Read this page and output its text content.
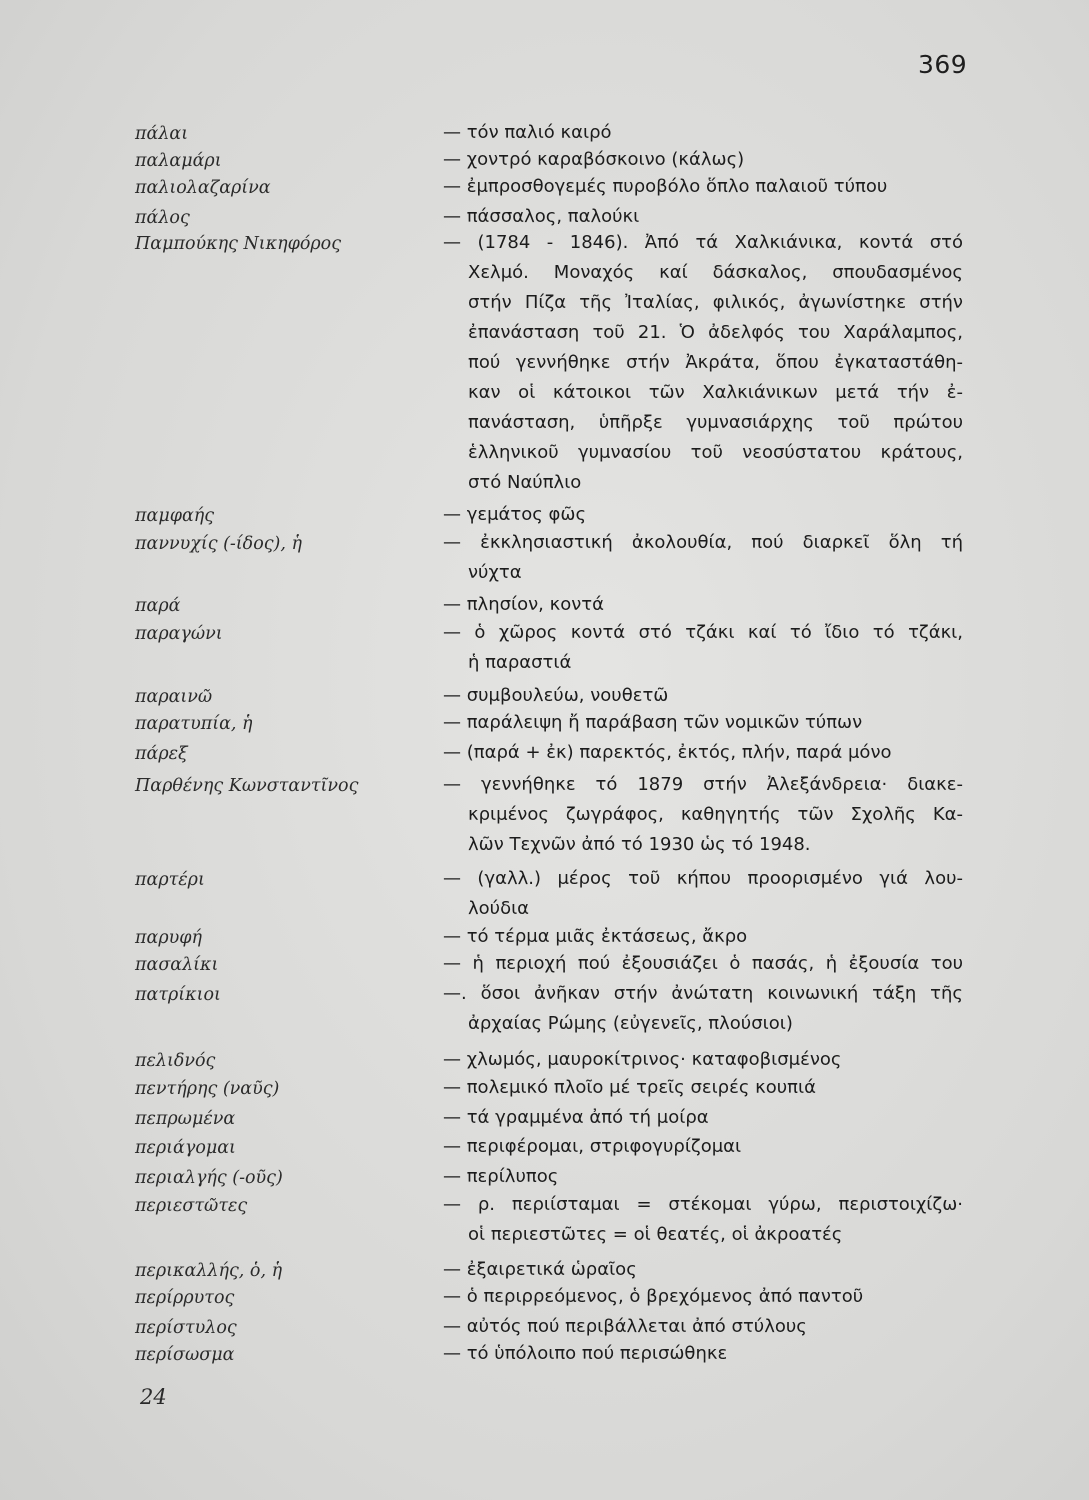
369
πάλαι	— τόν παλιό καιρό
παλαμάρι	— χοντρό καραβόσκοινο (κάλως)
παλιολαζαρίνα	— ἐμπροσθογεμές πυροβόλο ὅπλο παλαιοῦ τύπου
πάλος	— πάσσαλος, παλούκι
Παμπούκης Νικηφόρος	— (1784 - 1846). Ἀπό τά Χαλκιάνικα, κοντά στό
Χελμό. Μοναχός καί δάσκαλος, σπουδασμένος
στήν Πίζα τῆς Ἰταλίας, φιλικός, ἀγωνίστηκε στήν
ἐπανάσταση τοῦ 21. Ὁ ἀδελφός του Χαράλαμπος,
πού γεννήθηκε στήν Ἀκράτα, ὅπου ἐγκαταστάθη-
καν οἱ κάτοικοι τῶν Χαλκιάνικων μετά τήν ἐ-
πανάσταση, ὑπῆρξε γυμνασιάρχης τοῦ πρώτου
ἑλληνικοῦ γυμνασίου τοῦ νεοσύστατου κράτους,
στό Ναύπλιο
παμφαής	— γεμάτος φῶς
παννυχίς (-ίδος), ἡ	— ἐκκλησιαστική ἀκολουθία, πού διαρκεῖ ὅλη τή
νύχτα
παρά	— πλησίον, κοντά
παραγώνι	— ὁ χῶρος κοντά στό τζάκι καί τό ἴδιο τό τζάκι,
ἡ παραστιά
παραινῶ	— συμβουλεύω, νουθετῶ
παρατυπία, ἡ	— παράλειψη ἤ παράβαση τῶν νομικῶν τύπων
πάρεξ	— (παρά + ἐκ) παρεκτός, ἐκτός, πλήν, παρά μόνο
Παρθένης Κωνσταντῖνος	— γεννήθηκε τό 1879 στήν Ἀλεξάνδρεια· διακε-
κριμένος ζωγράφος, καθηγητής τῶν Σχολῆς Κα-
λῶν Τεχνῶν ἀπό τό 1930 ὡς τό 1948.
παρτέρι	— (γαλλ.) μέρος τοῦ κήπου προορισμένο γιά λου-
λούδια
παρυφή	— τό τέρμα μιᾶς ἐκτάσεως, ἄκρο
πασαλίκι	— ἡ περιοχή πού ἐξουσιάζει ὁ πασάς, ἡ ἐξουσία του
πατρίκιοι	—. ὅσοι ἀνῆκαν στήν ἀνώτατη κοινωνική τάξη τῆς
ἀρχαίας Ρώμης (εὐγενεῖς, πλούσιοι)
πελιδνός	— χλωμός, μαυροκίτρινος· καταφοβισμένος
πεντήρης (ναῦς)	— πολεμικό πλοῖο μέ τρεῖς σειρές κουπιά
πεπρωμένα	— τά γραμμένα ἀπό τή μοίρα
περιάγομαι	— περιφέρομαι, στριφογυρίζομαι
περιαλγής (-οῦς)	— περίλυπος
περιεστῶτες	— ρ. περιίσταμαι = στέκομαι γύρω, περιστοιχίζω·
οἱ περιεστῶτες = οἱ θεατές, οἱ ἀκροατές
περικαλλής, ὁ, ἡ	— ἐξαιρετικά ὡραῖος
περίρρυτος	— ὁ περιρρεόμενος, ὁ βρεχόμενος ἀπό παντοῦ
περίστυλος	— αὐτός πού περιβάλλεται ἀπό στύλους
περίσωσμα	— τό ὑπόλοιπο πού περισώθηκε
24
